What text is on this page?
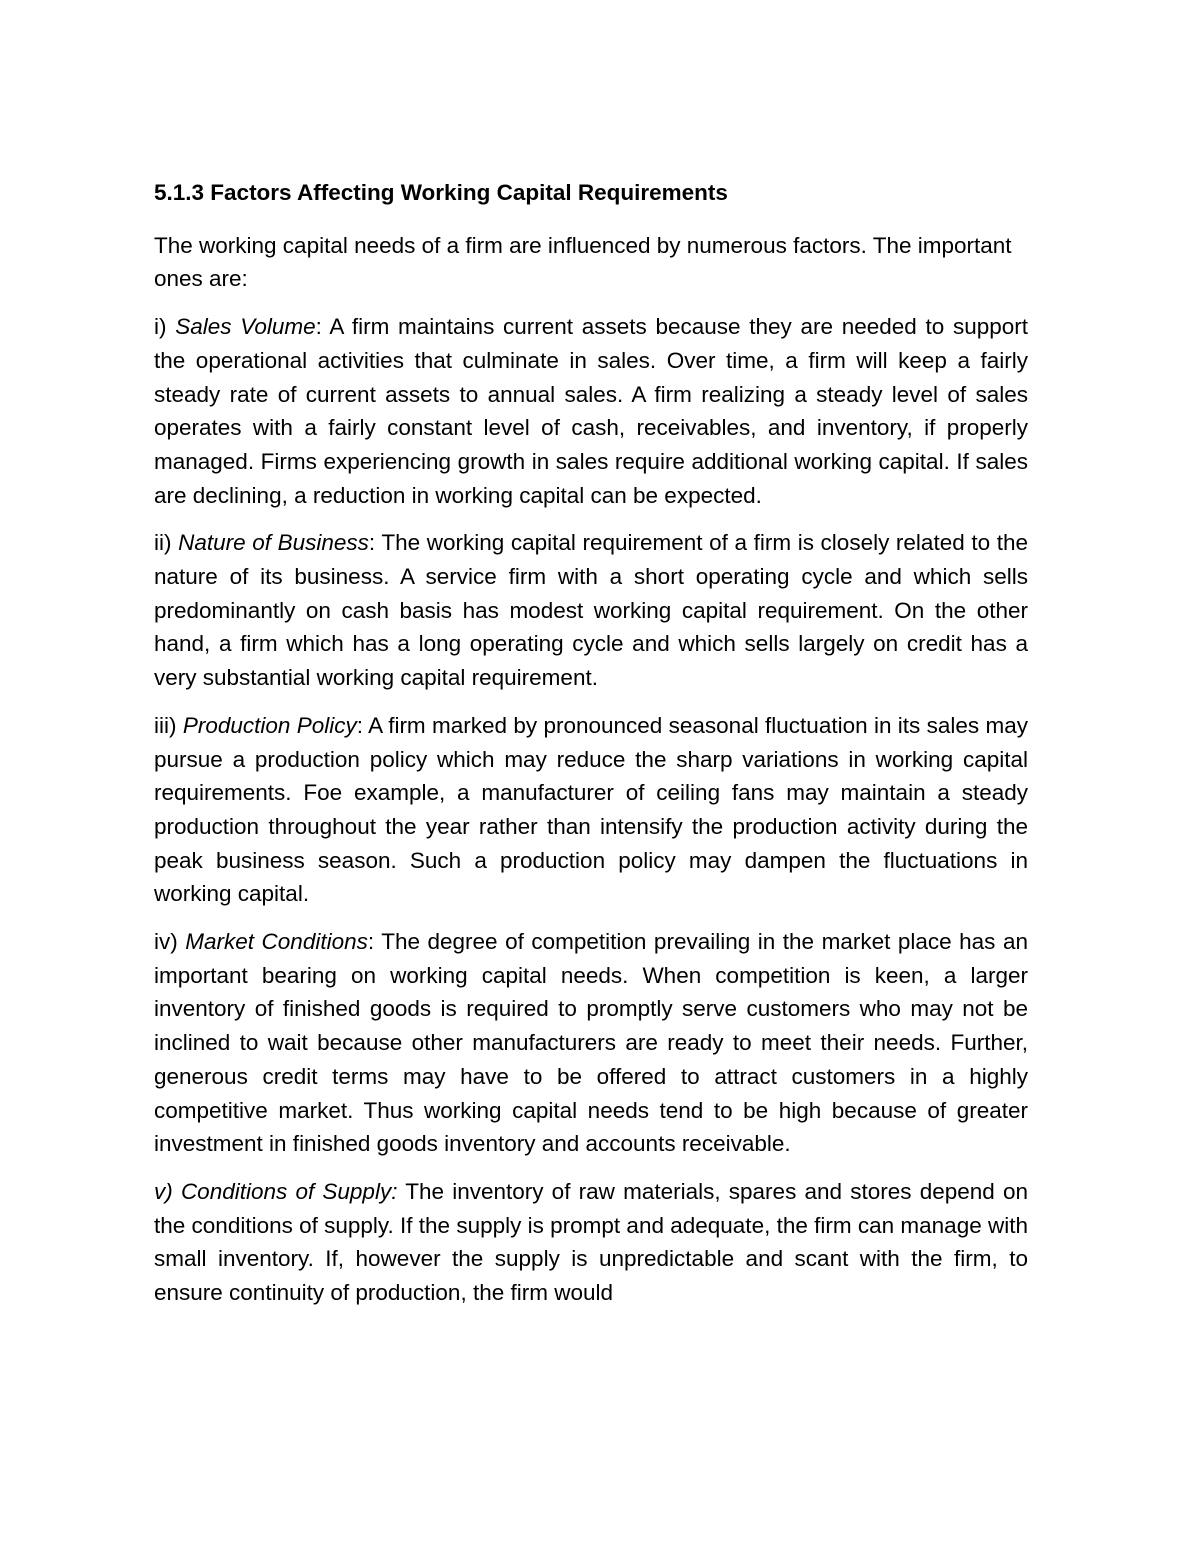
5.1.3 Factors Affecting Working Capital Requirements

The working capital needs of a firm are influenced by numerous factors. The important ones are:

i) Sales Volume: A firm maintains current assets because they are needed to support the operational activities that culminate in sales. Over time, a firm will keep a fairly steady rate of current assets to annual sales. A firm realizing a steady level of sales operates with a fairly constant level of cash, receivables, and inventory, if properly managed. Firms experiencing growth in sales require additional working capital. If sales are declining, a reduction in working capital can be expected.

ii) Nature of Business: The working capital requirement of a firm is closely related to the nature of its business. A service firm with a short operating cycle and which sells predominantly on cash basis has modest working capital requirement. On the other hand, a firm which has a long operating cycle and which sells largely on credit has a very substantial working capital requirement.

iii) Production Policy: A firm marked by pronounced seasonal fluctuation in its sales may pursue a production policy which may reduce the sharp variations in working capital requirements. Foe example, a manufacturer of ceiling fans may maintain a steady production throughout the year rather than intensify the production activity during the peak business season. Such a production policy may dampen the fluctuations in working capital.

iv) Market Conditions: The degree of competition prevailing in the market place has an important bearing on working capital needs. When competition is keen, a larger inventory of finished goods is required to promptly serve customers who may not be inclined to wait because other manufacturers are ready to meet their needs. Further, generous credit terms may have to be offered to attract customers in a highly competitive market. Thus working capital needs tend to be high because of greater investment in finished goods inventory and accounts receivable.

v) Conditions of Supply: The inventory of raw materials, spares and stores depend on the conditions of supply. If the supply is prompt and adequate, the firm can manage with small inventory. If, however the supply is unpredictable and scant with the firm, to ensure continuity of production, the firm would
